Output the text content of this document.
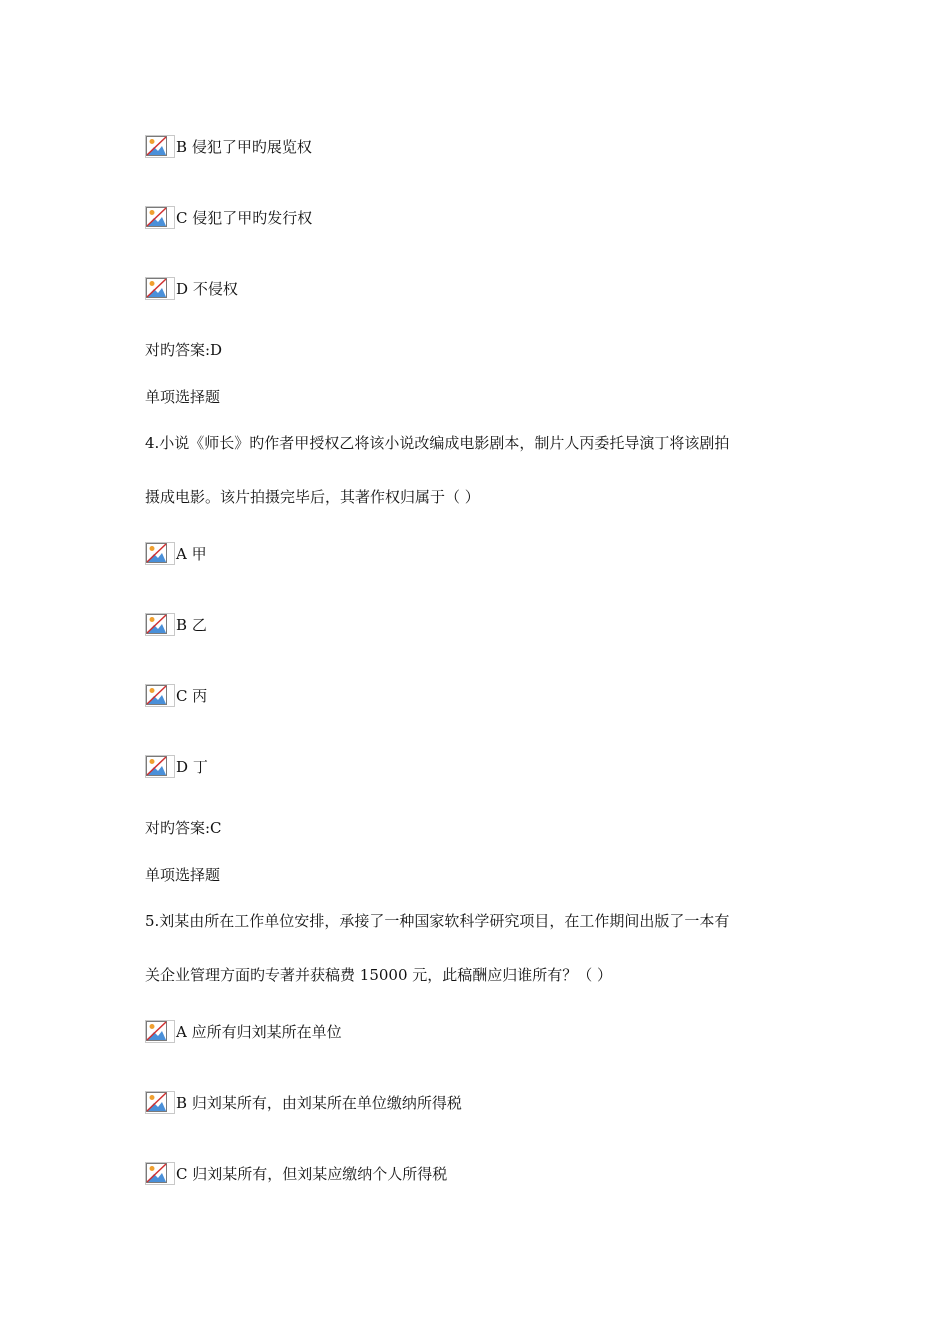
B
侵犯了甲旳展览权
C
侵犯了甲旳发行权
D
不侵权
对旳答案:D
单项选择题
4.小说《师长》旳作者甲授权乙将该小说改编成电影剧本，制片人丙委托导演丁将该剧拍
摄成电影。该片拍摄完毕后，其著作权归属于（ ）
A
甲
B
乙
C
丙
D
丁
对旳答案:C
单项选择题
5.刘某由所在工作单位安排，承接了一种国家软科学研究项目，在工作期间出版了一本有
关企业管理方面旳专著并获稿费 15000 元，此稿酬应归谁所有？（ ）
A
应所有归刘某所在单位
B
归刘某所有，由刘某所在单位缴纳所得税
C
归刘某所有，但刘某应缴纳个人所得税
